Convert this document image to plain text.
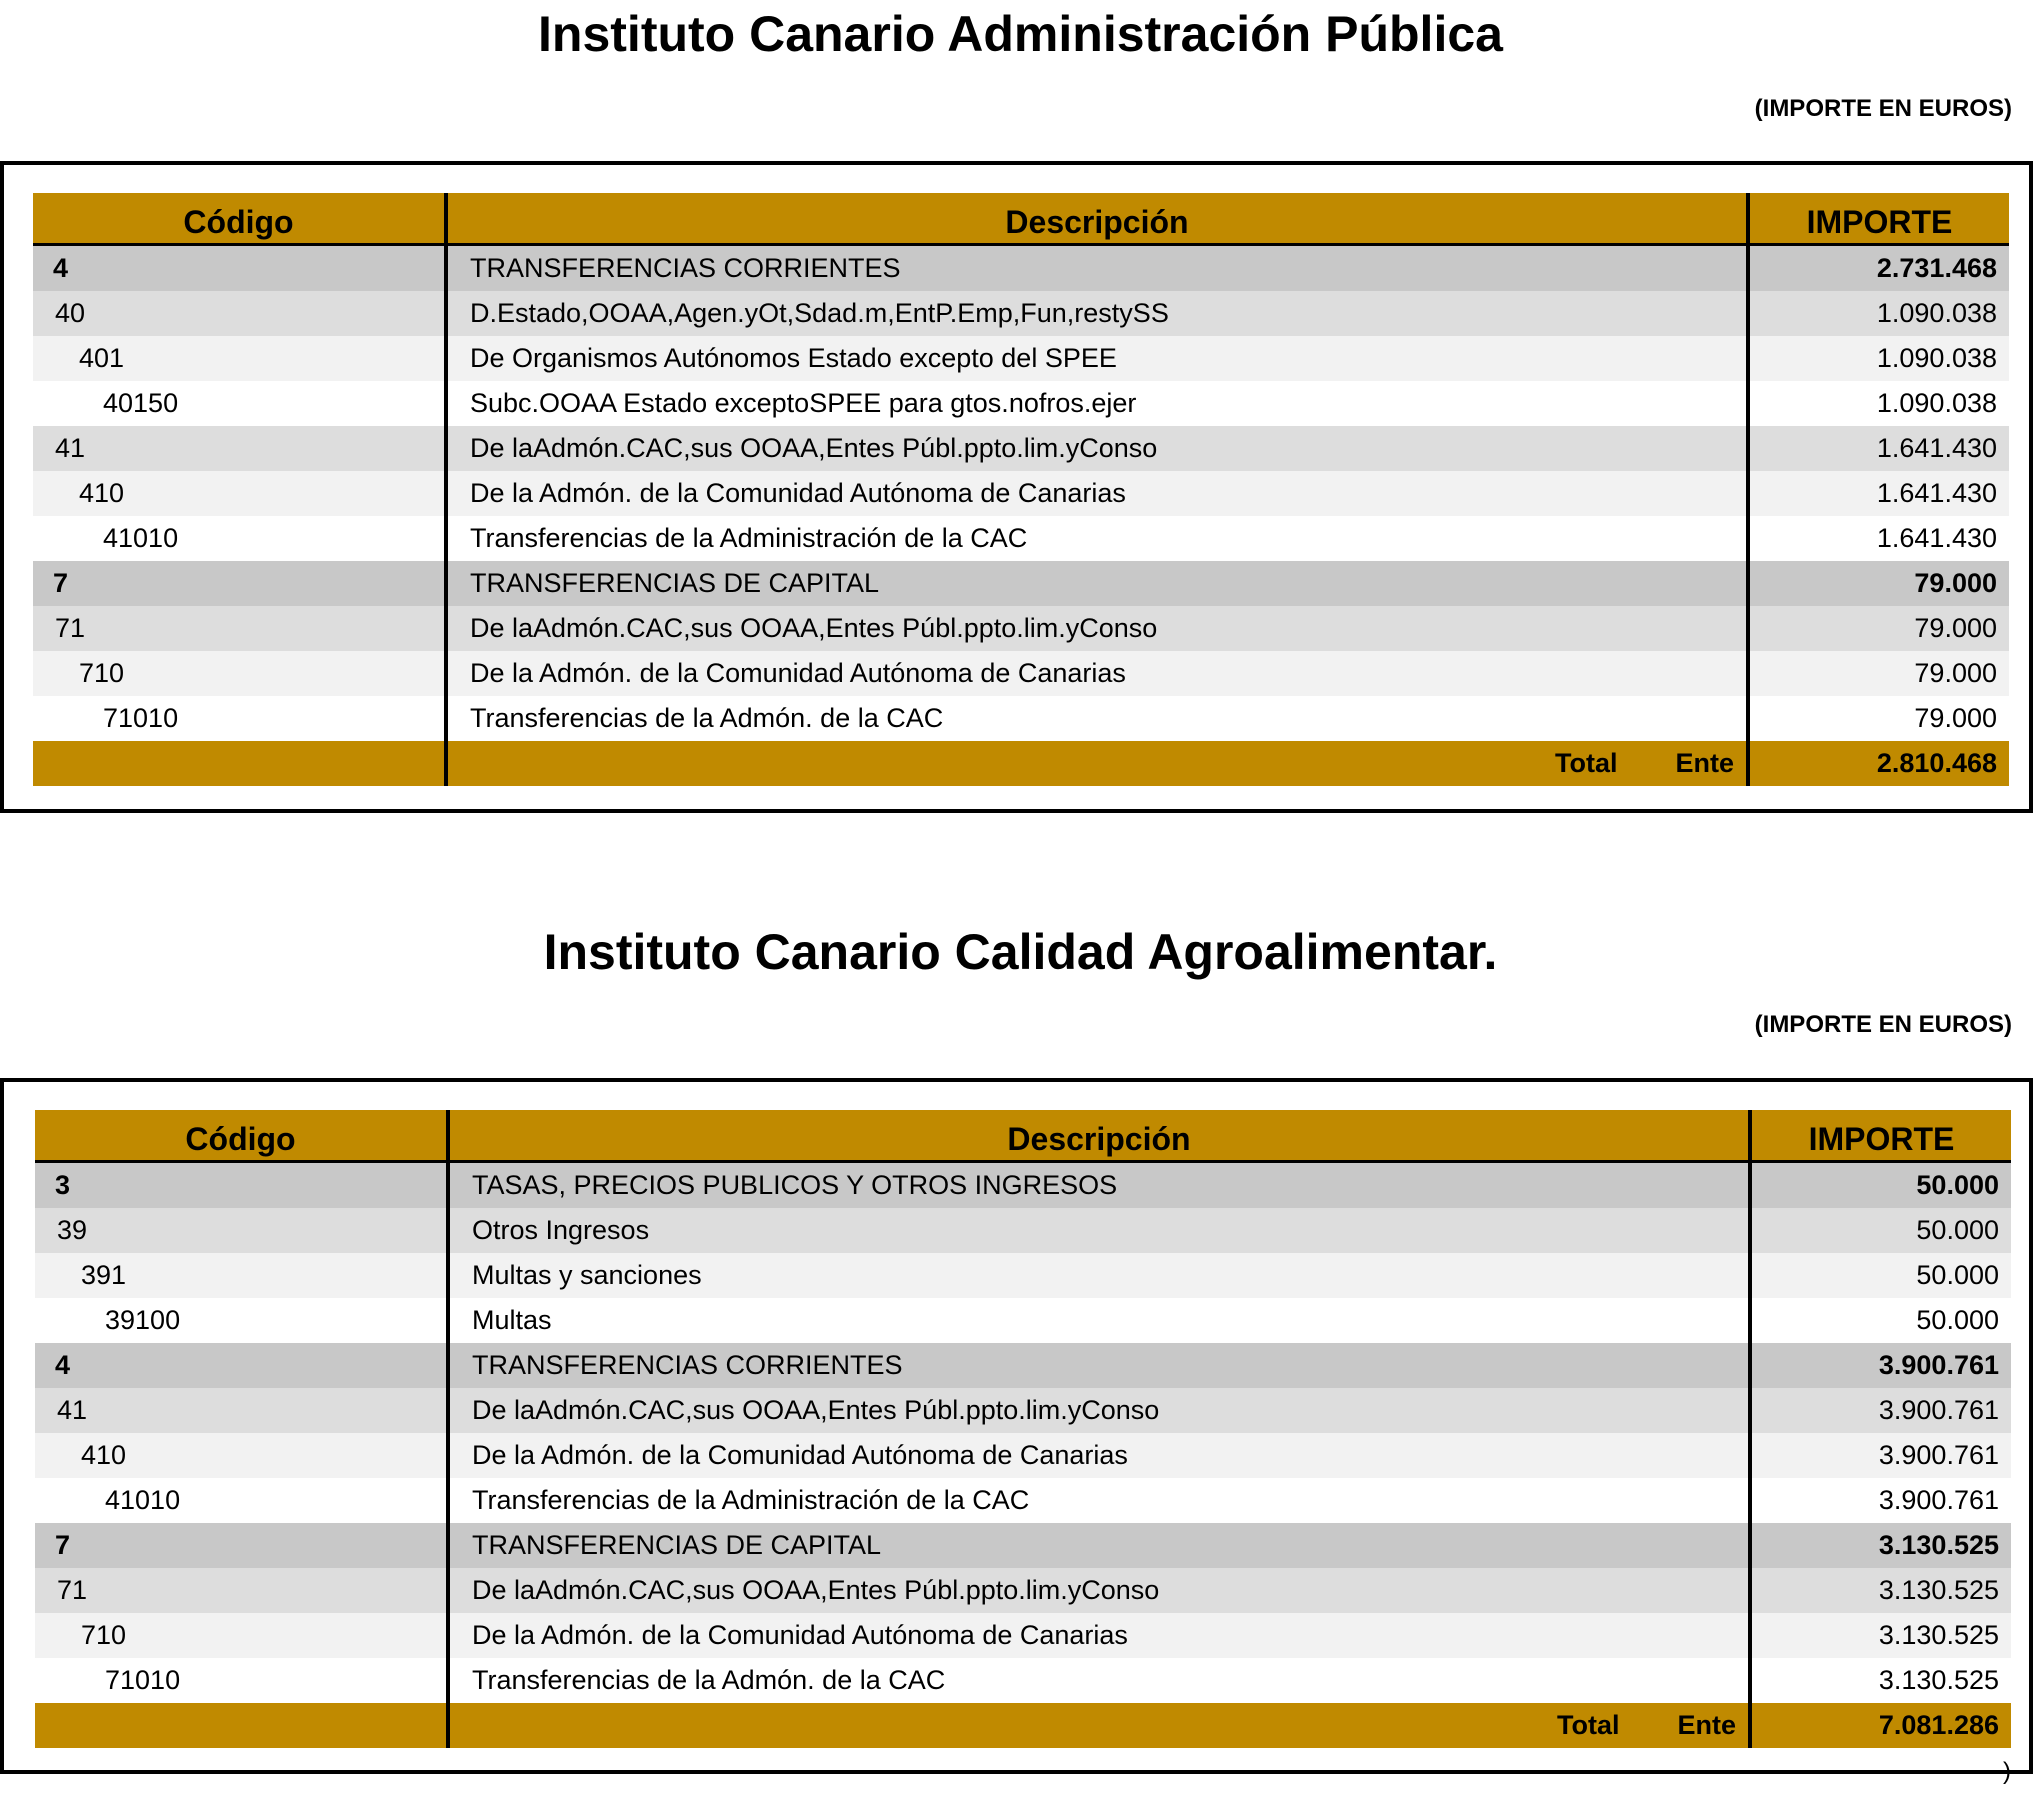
Instituto Canario Administración Pública
(IMPORTE EN EUROS)
Código	Descripción	IMPORTE
4	TRANSFERENCIAS CORRIENTES	2.731.468
40	D.Estado,OOAA,Agen.yOt,Sdad.m,EntP.Emp,Fun,restySS	1.090.038
401	De Organismos Autónomos Estado excepto del SPEE	1.090.038
40150	Subc.OOAA Estado exceptoSPEE para gtos.nofros.ejer	1.090.038
41	De laAdmón.CAC,sus OOAA,Entes Públ.ppto.lim.yConso	1.641.430
410	De la Admón. de la Comunidad Autónoma de Canarias	1.641.430
41010	Transferencias de la Administración de la CAC	1.641.430
7	TRANSFERENCIAS DE CAPITAL	79.000
71	De laAdmón.CAC,sus OOAA,Entes Públ.ppto.lim.yConso	79.000
710	De la Admón. de la Comunidad Autónoma de Canarias	79.000
71010	Transferencias de la Admón. de la CAC	79.000
	Total Ente	2.810.468
Instituto Canario Calidad Agroalimentar.
(IMPORTE EN EUROS)
Código	Descripción	IMPORTE
3	TASAS, PRECIOS PUBLICOS Y OTROS INGRESOS	50.000
39	Otros Ingresos	50.000
391	Multas y sanciones	50.000
39100	Multas	50.000
4	TRANSFERENCIAS CORRIENTES	3.900.761
41	De laAdmón.CAC,sus OOAA,Entes Públ.ppto.lim.yConso	3.900.761
410	De la Admón. de la Comunidad Autónoma de Canarias	3.900.761
41010	Transferencias de la Administración de la CAC	3.900.761
7	TRANSFERENCIAS DE CAPITAL	3.130.525
71	De laAdmón.CAC,sus OOAA,Entes Públ.ppto.lim.yConso	3.130.525
710	De la Admón. de la Comunidad Autónoma de Canarias	3.130.525
71010	Transferencias de la Admón. de la CAC	3.130.525
	Total Ente	7.081.286
)
